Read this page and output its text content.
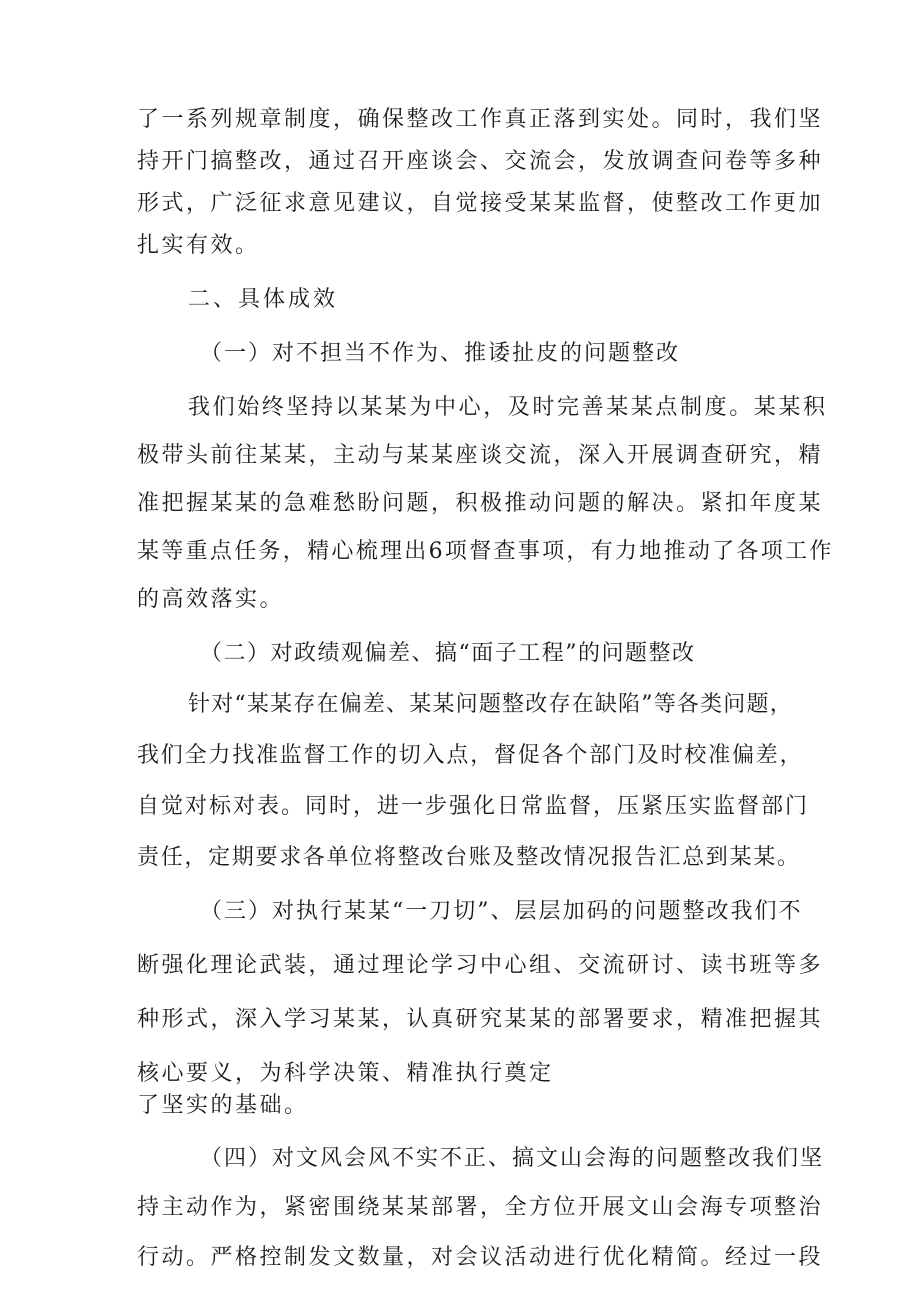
了一系列规章制度，确保整改工作真正落到实处。同时，我们坚
持开门搞整改，通过召开座谈会、交流会，发放调查问卷等多种
形式，广泛征求意见建议，自觉接受某某监督，使整改工作更加
扎实有效。
二、具体成效
（一）对不担当不作为、推诿扯皮的问题整改
我们始终坚持以某某为中心，及时完善某某点制度。某某积
极带头前往某某，主动与某某座谈交流，深入开展调查研究，精
准把握某某的急难愁盼问题，积极推动问题的解决。紧扣年度某
某等重点任务，精心梳理出6项督查事项，有力地推动了各项工作
的高效落实。
（二）对政绩观偏差、搞“面子工程”的问题整改
针对“某某存在偏差、某某问题整改存在缺陷”等各类问题，
我们全力找准监督工作的切入点，督促各个部门及时校准偏差，
自觉对标对表。同时，进一步强化日常监督，压紧压实监督部门
责任，定期要求各单位将整改台账及整改情况报告汇总到某某。
（三）对执行某某“一刀切”、层层加码的问题整改我们不
断强化理论武装，通过理论学习中心组、交流研讨、读书班等多
种形式，深入学习某某，认真研究某某的部署要求，精准把握其
核心要义，为科学决策、精准执行奠定
了坚实的基础。
（四）对文风会风不实不正、搞文山会海的问题整改我们坚
持主动作为，紧密围绕某某部署，全方位开展文山会海专项整治
行动。严格控制发文数量，对会议活动进行优化精简。经过一段
